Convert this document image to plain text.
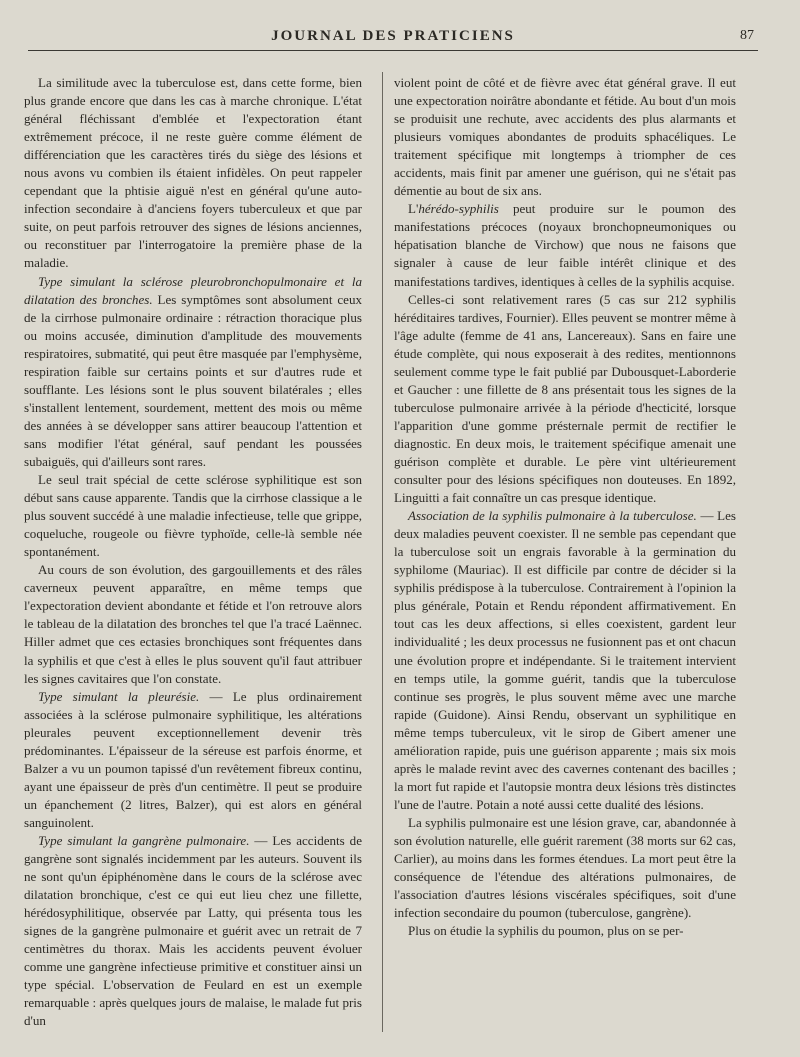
JOURNAL DES PRATICIENS	87

La similitude avec la tuberculose est, dans cette forme, bien plus grande encore que dans les cas à marche chronique. L'état général fléchissant d'emblée et l'expectoration étant extrêmement précoce, il ne reste guère comme élément de différenciation que les caractères tirés du siège des lésions et nous avons vu combien ils étaient infidèles. On peut rappeler cependant que la phtisie aiguë n'est en général qu'une auto-infection secondaire à d'anciens foyers tuberculeux et que par suite, on peut parfois retrouver des signes de lésions anciennes, ou reconstituer par l'interrogatoire la première phase de la maladie.

Type simulant la sclérose pleurobronchopulmonaire et la dilatation des bronches. Les symptômes sont absolument ceux de la cirrhose pulmonaire ordinaire : rétraction thoracique plus ou moins accusée, diminution d'amplitude des mouvements respiratoires, submatité, qui peut être masquée par l'emphysème, respiration faible sur certains points et sur d'autres rude et soufflante. Les lésions sont le plus souvent bilatérales ; elles s'installent lentement, sourdement, mettent des mois ou même des années à se développer sans attirer beaucoup l'attention et sans modifier l'état général, sauf pendant les poussées subaiguës, qui d'ailleurs sont rares.

Le seul trait spécial de cette sclérose syphilitique est son début sans cause apparente. Tandis que la cirrhose classique a le plus souvent succédé à une maladie infectieuse, telle que grippe, coqueluche, rougeole ou fièvre typhoïde, celle-là semble née spontanément.

Au cours de son évolution, des gargouillements et des râles caverneux peuvent apparaître, en même temps que l'expectoration devient abondante et fétide et l'on retrouve alors le tableau de la dilatation des bronches tel que l'a tracé Laënnec. Hiller admet que ces ectasies bronchiques sont fréquentes dans la syphilis et que c'est à elles le plus souvent qu'il faut attribuer les signes cavitaires que l'on constate.

Type simulant la pleurésie. — Le plus ordinairement associées à la sclérose pulmonaire syphilitique, les altérations pleurales peuvent exceptionnellement devenir très prédominantes. L'épaisseur de la séreuse est parfois énorme, et Balzer a vu un poumon tapissé d'un revêtement fibreux continu, ayant une épaisseur de près d'un centimètre. Il peut se produire un épanchement (2 litres, Balzer), qui est alors en général sanguinolent.

Type simulant la gangrène pulmonaire. — Les accidents de gangrène sont signalés incidemment par les auteurs. Souvent ils ne sont qu'un épiphénomène dans le cours de la sclérose avec dilatation bronchique, c'est ce qui eut lieu chez une fillette, hérédosyphilitique, observée par Latty, qui présenta tous les signes de la gangrène pulmonaire et guérit avec un retrait de 7 centimètres du thorax. Mais les accidents peuvent évoluer comme une gangrène infectieuse primitive et constituer ainsi un type spécial. L'observation de Feulard en est un exemple remarquable : après quelques jours de malaise, le malade fut pris d'un

violent point de côté et de fièvre avec état général grave. Il eut une expectoration noirâtre abondante et fétide. Au bout d'un mois se produisit une rechute, avec accidents des plus alarmants et plusieurs vomiques abondantes de produits sphacéliques. Le traitement spécifique mit longtemps à triompher de ces accidents, mais finit par amener une guérison, qui ne s'était pas démentie au bout de six ans.

L'hérédo-syphilis peut produire sur le poumon des manifestations précoces (noyaux bronchopneumoniques ou hépatisation blanche de Virchow) que nous ne faisons que signaler à cause de leur faible intérêt clinique et des manifestations tardives, identiques à celles de la syphilis acquise.

Celles-ci sont relativement rares (5 cas sur 212 syphilis héréditaires tardives, Fournier). Elles peuvent se montrer même à l'âge adulte (femme de 41 ans, Lancereaux). Sans en faire une étude complète, qui nous exposerait à des redites, mentionnons seulement comme type le fait publié par Dubousquet-Laborderie et Gaucher : une fillette de 8 ans présentait tous les signes de la tuberculose pulmonaire arrivée à la période d'hecticité, lorsque l'apparition d'une gomme présternale permit de rectifier le diagnostic. En deux mois, le traitement spécifique amenait une guérison complète et durable. Le père vint ultérieurement consulter pour des lésions spécifiques non douteuses. En 1892, Linguitti a fait connaître un cas presque identique.

Association de la syphilis pulmonaire à la tuberculose. — Les deux maladies peuvent coexister. Il ne semble pas cependant que la tuberculose soit un engrais favorable à la germination du syphilome (Mauriac). Il est difficile par contre de décider si la syphilis prédispose à la tuberculose. Contrairement à l'opinion la plus générale, Potain et Rendu répondent affirmativement. En tout cas les deux affections, si elles coexistent, gardent leur individualité ; les deux processus ne fusionnent pas et ont chacun une évolution propre et indépendante. Si le traitement intervient en temps utile, la gomme guérit, tandis que la tuberculose continue ses progrès, le plus souvent même avec une marche rapide (Guidone). Ainsi Rendu, observant un syphilitique en même temps tuberculeux, vit le sirop de Gibert amener une amélioration rapide, puis une guérison apparente ; mais six mois après le malade revint avec des cavernes contenant des bacilles ; la mort fut rapide et l'autopsie montra deux lésions très distinctes l'une de l'autre. Potain a noté aussi cette dualité des lésions.

La syphilis pulmonaire est une lésion grave, car, abandonnée à son évolution naturelle, elle guérit rarement (38 morts sur 62 cas, Carlier), au moins dans les formes étendues. La mort peut être la conséquence de l'étendue des altérations pulmonaires, de l'association d'autres lésions viscérales spécifiques, soit d'une infection secondaire du poumon (tuberculose, gangrène).

Plus on étudie la syphilis du poumon, plus on se per-
